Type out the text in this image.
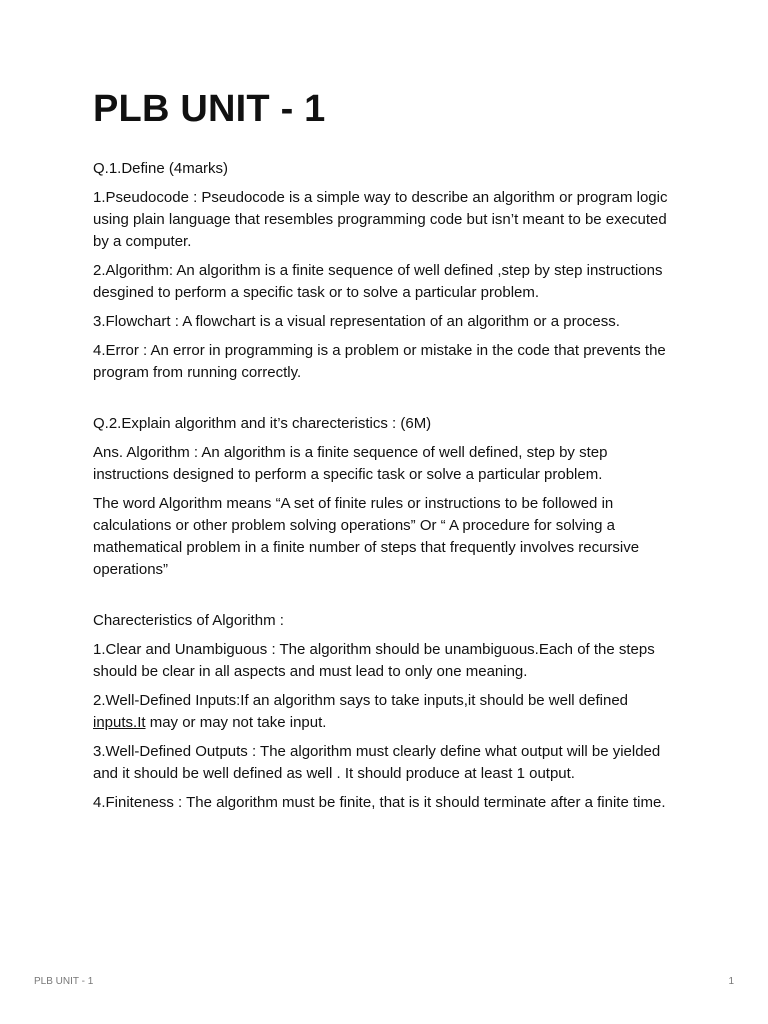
PLB UNIT - 1

Q.1.Define (4marks)

1.Pseudocode : Pseudocode is a simple way to describe an algorithm or program logic using plain language that resembles programming code but isn’t meant to be executed by a computer.

2.Algorithm: An algorithm is a finite sequence of well defined ,step by step instructions desgined to perform a specific task or to solve a particular problem.

3.Flowchart : A flowchart is a visual representation of an algorithm or a process.

4.Error : An error in programming is a problem or mistake in the code that prevents the program from running correctly.

Q.2.Explain algorithm and it’s charecteristics : (6M)

Ans. Algorithm : An algorithm is a finite sequence of well defined, step by step instructions designed to perform a specific task or solve a particular problem.

The word Algorithm means “A set of finite rules or instructions to be followed in calculations or other problem solving operations” Or “ A procedure for solving a mathematical problem in a finite number of steps that frequently involves recursive operations”

Charecteristics of Algorithm :

1.Clear and Unambiguous : The algorithm should be unambiguous.Each of the steps should be clear in all aspects and must lead to only one meaning.

2.Well-Defined Inputs:If an algorithm says to take inputs,it should be well defined inputs.It may or may not take input.

3.Well-Defined Outputs : The algorithm must clearly define what output will be yielded and it should be well defined as well . It should produce at least 1 output.

4.Finiteness : The algorithm must be finite, that is it should terminate after a finite time.

PLB UNIT - 1	1
